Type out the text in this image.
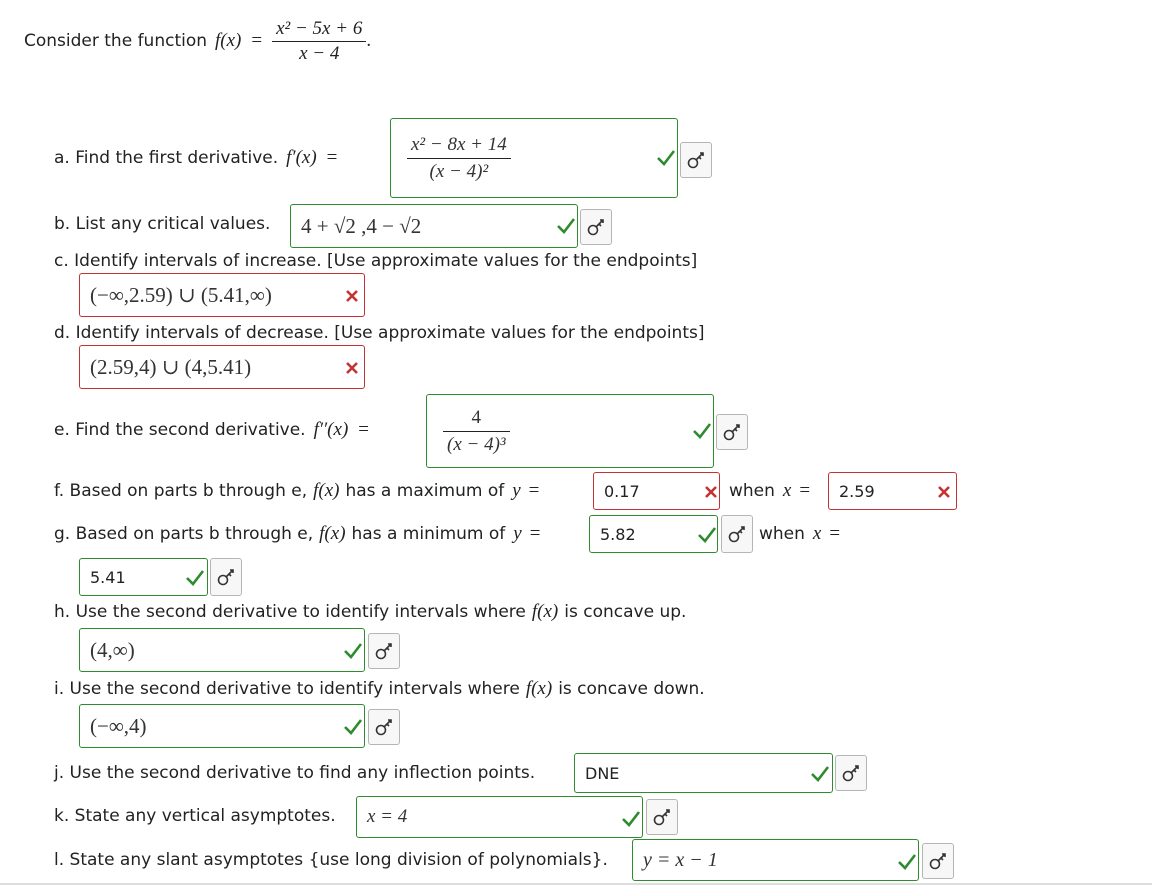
Consider the function $f(x) = \frac{\text{x² − 5x + 6}}{x - 4}$ .
a. Find the first derivative. f′(x) =	$\frac{\text{x² − 8x + 14}}{\text{(x − 4)²}}$
b. List any critical values.	4 + √2 ,4 − √2
c. Identify intervals of increase. [Use approximate values for the endpoints]
(−∞,2.59) ∪ (5.41,∞)
d. Identify intervals of decrease. [Use approximate values for the endpoints]
(2.59,4) ∪ (4,5.41)
e. Find the second derivative. f′′(x) =	$\frac{4}{\text{(x − 4)³}}$
f. Based on parts b through e, f(x) has a maximum of y =	0.17	when x =	2.59
g. Based on parts b through e, f(x) has a minimum of y =	5.82	when x =
5.41
h. Use the second derivative to identify intervals where f(x) is concave up.
(4,∞)
i. Use the second derivative to identify intervals where f(x) is concave down.
(−∞,4)
j. Use the second derivative to find any inflection points.	DNE
k. State any vertical asymptotes.	x = 4
l. State any slant asymptotes {use long division of polynomials}.	y = x − 1
